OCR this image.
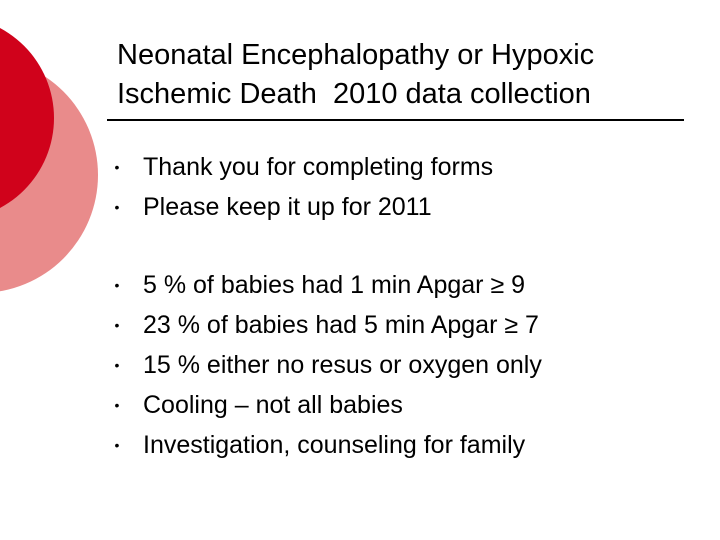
Neonatal Encephalopathy or Hypoxic
Ischemic Death  2010 data collection
• Thank you for completing forms
• Please keep it up for 2011
• 5 % of babies had 1 min Apgar ≥ 9
• 23 % of babies had 5 min Apgar ≥ 7
• 15 % either no resus or oxygen only
• Cooling – not all babies
• Investigation, counseling for family
